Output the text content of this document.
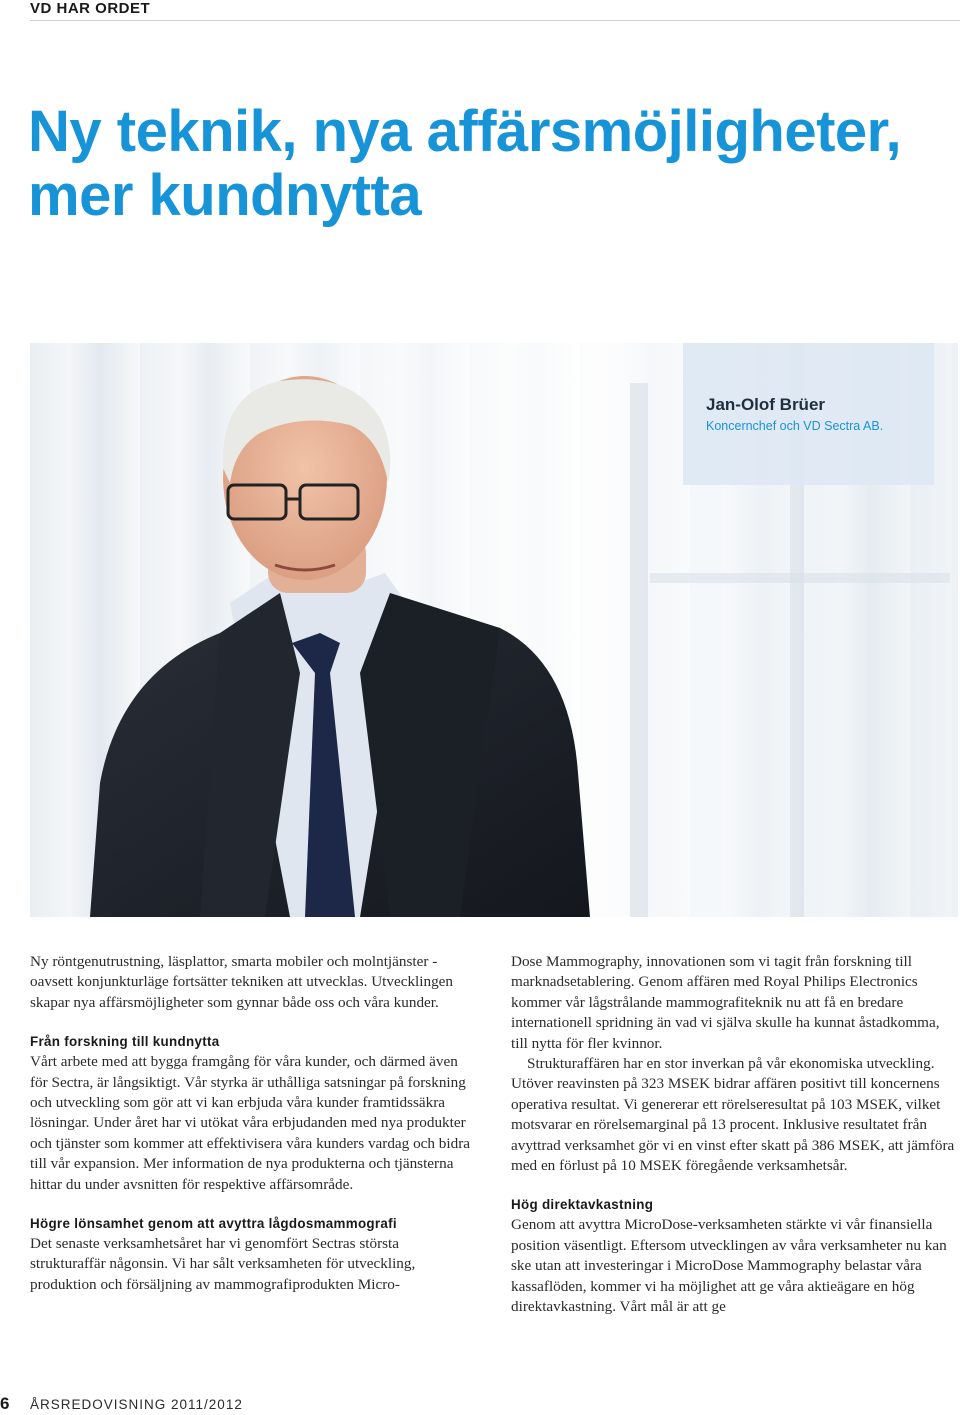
VD HAR ORDET
Ny teknik, nya affärsmöjligheter,
mer kundnytta
Jan-Olof Brüer
Koncernchef och VD Sectra AB.

Ny röntgenutrustning, läsplattor, smarta mobiler och molntjänster - oavsett konjunkturläge fortsätter tekniken att utvecklas. Utvecklingen skapar nya affärsmöjligheter som gynnar både oss och våra kunder.

Från forskning till kundnytta

Vårt arbete med att bygga framgång för våra kunder, och därmed även för Sectra, är långsiktigt. Vår styrka är uthålliga satsningar på forskning och utveckling som gör att vi kan erbjuda våra kunder framtidssäkra lösningar. Under året har vi utökat våra erbjudanden med nya produkter och tjänster som kommer att effektivisera våra kunders vardag och bidra till vår expansion. Mer information de nya produkterna och tjänsterna hittar du under avsnitten för respektive affärsområde.

Högre lönsamhet genom att avyttra lågdosmammografi

Det senaste verksamhetsåret har vi genomfört Sectras största strukturaffär någonsin. Vi har sålt verksamheten för utveckling, produktion och försäljning av mammografiprodukten Micro-

Dose Mammography, innovationen som vi tagit från forskning till marknadsetablering. Genom affären med Royal Philips Electronics kommer vår lågstrålande mammografiteknik nu att få en bredare internationell spridning än vad vi själva skulle ha kunnat åstadkomma, till nytta för fler kvinnor.

Strukturaffären har en stor inverkan på vår ekonomiska utveckling. Utöver reavinsten på 323 MSEK bidrar affären positivt till koncernens operativa resultat. Vi genererar ett rörelseresultat på 103 MSEK, vilket motsvarar en rörelsemarginal på 13 procent. Inklusive resultatet från avyttrad verksamhet gör vi en vinst efter skatt på 386 MSEK, att jämföra med en förlust på 10 MSEK föregående verksamhetsår.

Hög direktavkastning

Genom att avyttra MicroDose-verksamheten stärkte vi vår finansiella position väsentligt. Eftersom utvecklingen av våra verksamheter nu kan ske utan att investeringar i MicroDose Mammography belastar våra kassaflöden, kommer vi ha möjlighet att ge våra aktieägare en hög direktavkastning. Vårt mål är att ge

6 ÅRSREDOVISNING 2011/2012
